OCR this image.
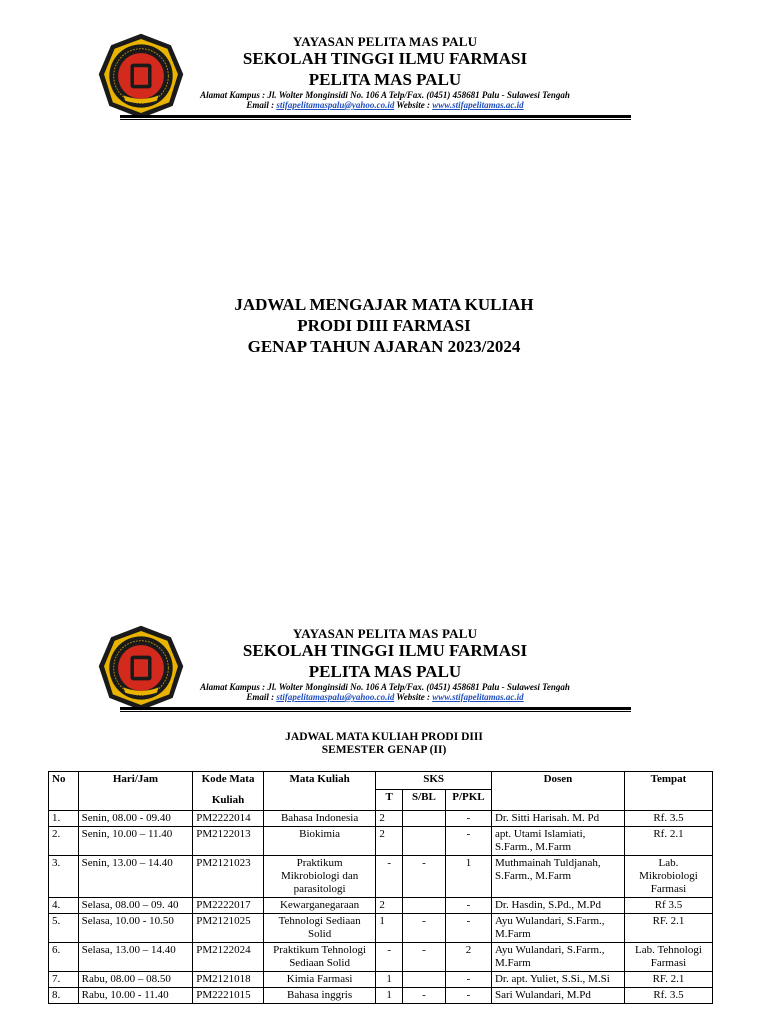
YAYASAN PELITA MAS PALU
SEKOLAH TINGGI ILMU FARMASI
PELITA MAS PALU
Alamat Kampus : Jl. Wolter Monginsidi No. 106 A Telp/Fax. (0451) 458681 Palu - Sulawesi Tengah
Email : stifapelitamaspalu@yahoo.co.id Website : www.stifapelitamas.ac.id
JADWAL MENGAJAR MATA KULIAH
PRODI DIII FARMASI
GENAP TAHUN AJARAN 2023/2024
YAYASAN PELITA MAS PALU
SEKOLAH TINGGI ILMU FARMASI
PELITA MAS PALU
Alamat Kampus : Jl. Wolter Monginsidi No. 106 A Telp/Fax. (0451) 458681 Palu - Sulawesi Tengah
Email : stifapelitamaspalu@yahoo.co.id Website : www.stifapelitamas.ac.id
JADWAL MATA KULIAH PRODI DIII
SEMESTER GENAP (II)
No	Hari/Jam	Kode Mata
Kuliah	Mata Kuliah	SKS			Dosen	Tempat
				T	S/BL	P/PKL		
1.	Senin, 08.00 - 09.40	PM2222014	Bahasa Indonesia	2		-	Dr. Sitti Harisah. M. Pd	Rf. 3.5
2.	Senin, 10.00 – 11.40	PM2122013	Biokimia	2		-	apt. Utami Islamiati, S.Farm., M.Farm	Rf. 2.1
3.	Senin, 13.00 – 14.40	PM2121023	Praktikum Mikrobiologi dan parasitologi	-	-	1	Muthmainah Tuldjanah, S.Farm., M.Farm	Lab. Mikrobiologi Farmasi
4.	Selasa, 08.00 – 09. 40	PM2222017	Kewarganegaraan	2		-	Dr. Hasdin, S.Pd., M.Pd	Rf 3.5
5.	Selasa, 10.00 - 10.50	PM2121025	Tehnologi Sediaan Solid	1	-	-	Ayu Wulandari, S.Farm., M.Farm	RF. 2.1
6.	Selasa, 13.00 – 14.40	PM2122024	Praktikum Tehnologi Sediaan Solid	-	-	2	Ayu Wulandari, S.Farm., M.Farm	Lab. Tehnologi Farmasi
7.	Rabu, 08.00 – 08.50	PM2121018	Kimia Farmasi	1		-	Dr. apt. Yuliet, S.Si., M.Si	RF. 2.1
8.	Rabu, 10.00 - 11.40	PM2221015	Bahasa inggris	1	-	-	Sari Wulandari, M.Pd	Rf. 3.5
